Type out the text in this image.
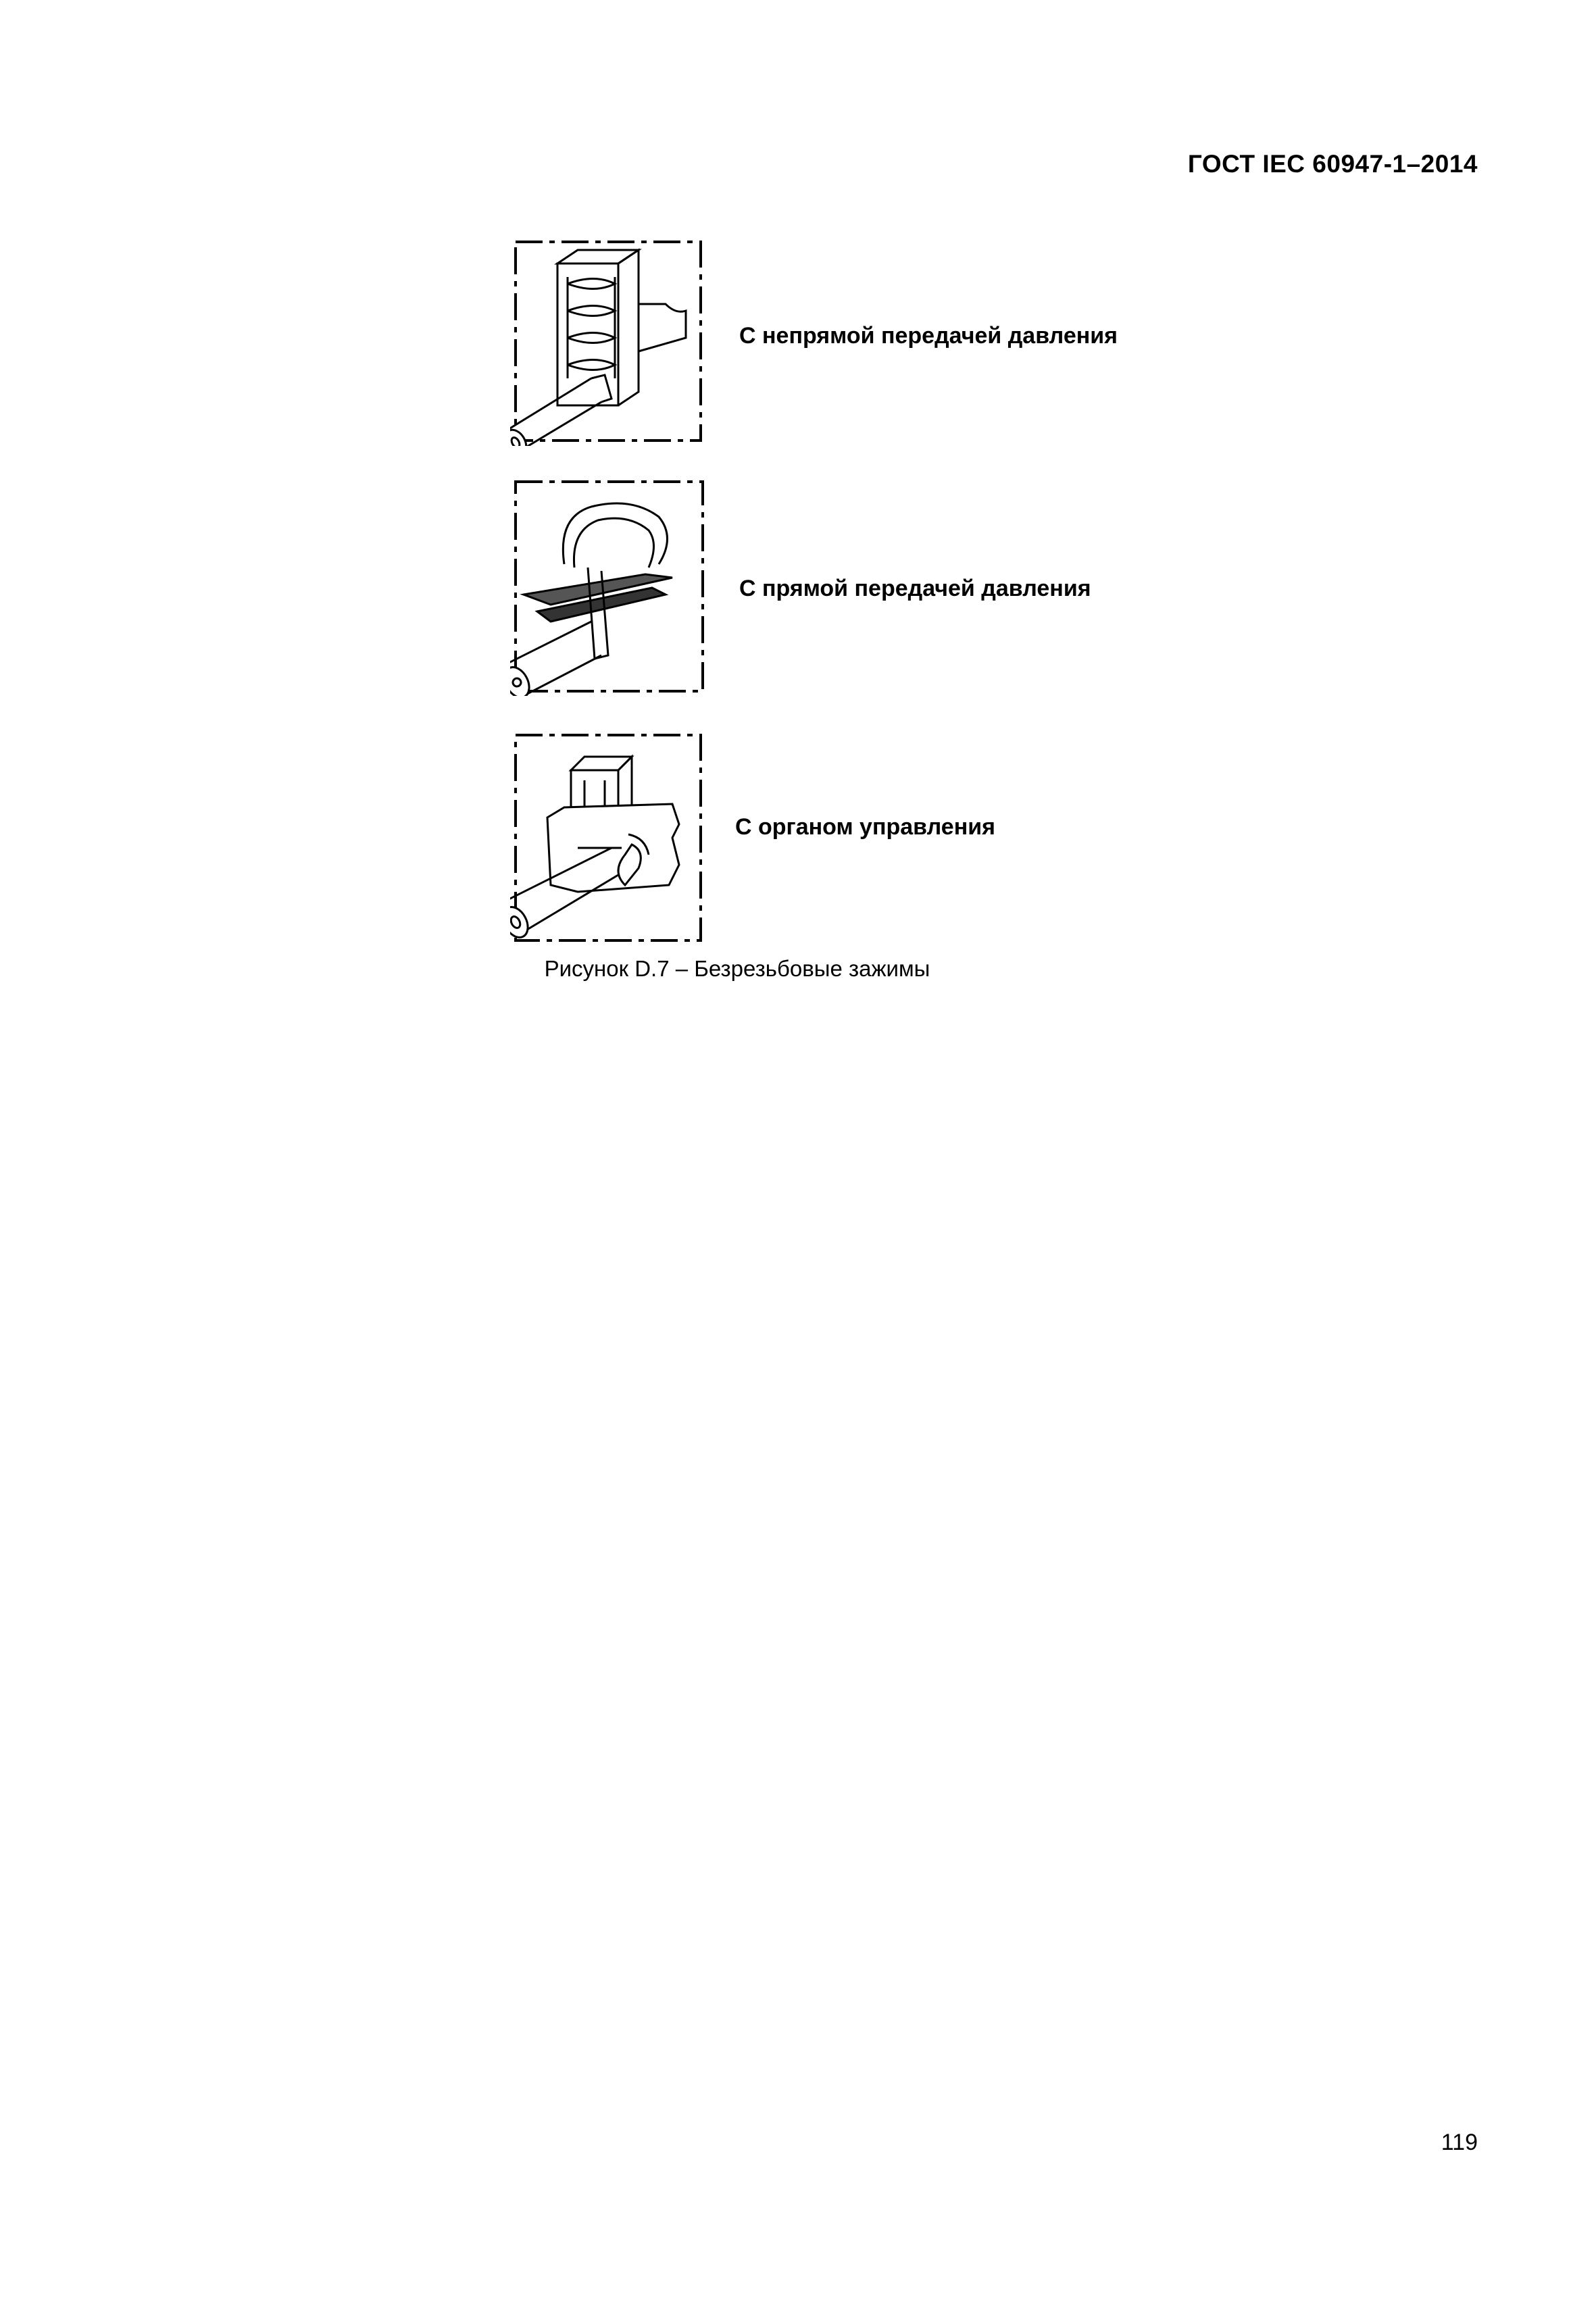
ГОСТ IEC 60947-1–2014
С непрямой передачей давления
С прямой передачей давления
С органом управления
Рисунок D.7 – Безрезьбовые зажимы
119
